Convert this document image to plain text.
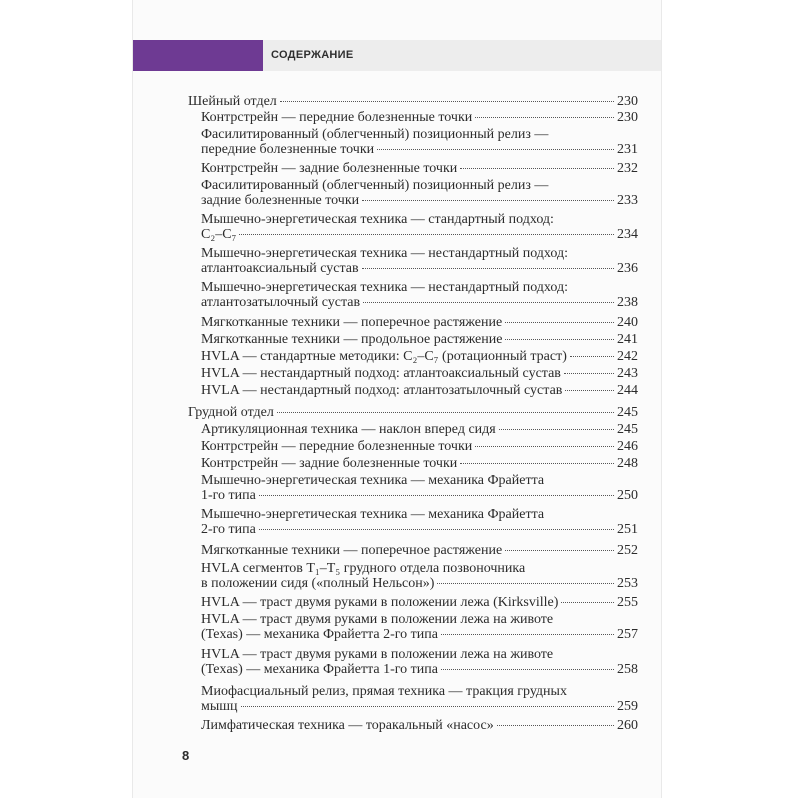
СОДЕРЖАНИЕ
Шейный отдел	230
Контрстрейн — передние болезненные точки	230
Фасилитированный (облегченный) позиционный релиз —
передние болезненные точки	231
Контрстрейн — задние болезненные точки	232
Фасилитированный (облегченный) позиционный релиз —
задние болезненные точки	233
Мышечно-энергетическая техника — стандартный подход:
C₂–C₇	234
Мышечно-энергетическая техника — нестандартный подход:
атлантоаксиальный сустав	236
Мышечно-энергетическая техника — нестандартный подход:
атлантозатылочный сустав	238
Мягкотканные техники — поперечное растяжение	240
Мягкотканные техники — продольное растяжение	241
HVLA — стандартные методики: C₂–C₇ (ротационный траст)	242
HVLA — нестандартный подход: атлантоаксиальный сустав	243
HVLA — нестандартный подход: атлантозатылочный сустав	244
Грудной отдел	245
Артикуляционная техника — наклон вперед сидя	245
Контрстрейн — передние болезненные точки	246
Контрстрейн — задние болезненные точки	248
Мышечно-энергетическая техника — механика Фрайетта
1-го типа	250
Мышечно-энергетическая техника — механика Фрайетта
2-го типа	251
Мягкотканные техники — поперечное растяжение	252
HVLA сегментов T₁–T₅ грудного отдела позвоночника
в положении сидя («полный Нельсон»)	253
HVLA — траст двумя руками в положении лежа (Kirksville)	255
HVLA — траст двумя руками в положении лежа на животе
(Texas) — механика Фрайетта 2-го типа	257
HVLA — траст двумя руками в положении лежа на животе
(Texas) — механика Фрайетта 1-го типа	258
Миофасциальный релиз, прямая техника — тракция грудных
мышц	259
Лимфатическая техника — торакальный «насос»	260
8
